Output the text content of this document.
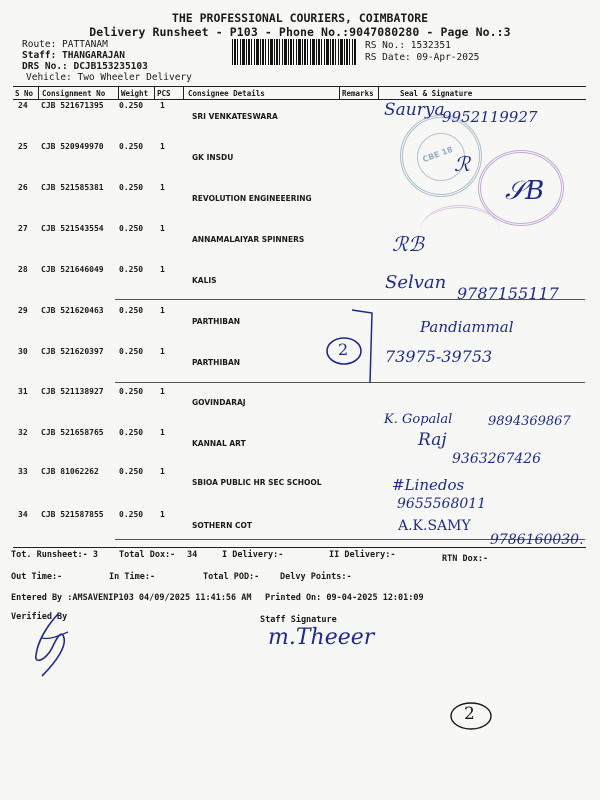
THE PROFESSIONAL COURIERS, COIMBATORE
Delivery Runsheet - P103 - Phone No.:9047080280 - Page No.:3
Route: PATTANAM
Staff: THANGARAJAN
DRS No.: DCJB153235103
Vehicle: Two Wheeler Delivery
RS No.: 1532351
RS Date: 09-Apr-2025
S No Consignment No Weight PCS Consignee Details	Remarks	Seal & Signature
24 CJB 521671395 0.250 1
SRI VENKATESWARA
25 CJB 520949970 0.250 1
GK INSDU
26 CJB 521585381 0.250 1
REVOLUTION ENGINEEERING
27 CJB 521543554 0.250 1
ANNAMALAIYAR SPINNERS
28 CJB 521646049 0.250 1
KALIS
29 CJB 521620463 0.250 1
PARTHIBAN
30 CJB 521620397 0.250 1
PARTHIBAN
31 CJB 521138927 0.250 1
GOVINDARAJ
32 CJB 521658765 0.250 1
KANNAL ART
33 CJB 81062262	0.250 1
SBIOA PUBLIC HR SEC SCHOOL
34 CJB 521587855 0.250 1
SOTHERN COT
CBE 18
Saurya
9952119927
ℛ
𝒮𝐵
ℛℬ
Selvan
9787155117
Pandiammal
73975-39753
K. Gopalal	9894369867
Raj
9363267426
#Linedos
9655568011
A.K.SAMY
9786160030.
2
Tot. Runsheet:- 3 Total Dox:- 34	I Delivery:-	II Delivery:-	RTN Dox:-
Out Time:-	In Time:-	Total POD:- Delvy Points:-
Entered By :AMSAVENIP103 04/09/2025 11:41:56 AM Printed On: 09-04-2025 12:01:09
Verified By	Staff Signature
m.Theeer
2
